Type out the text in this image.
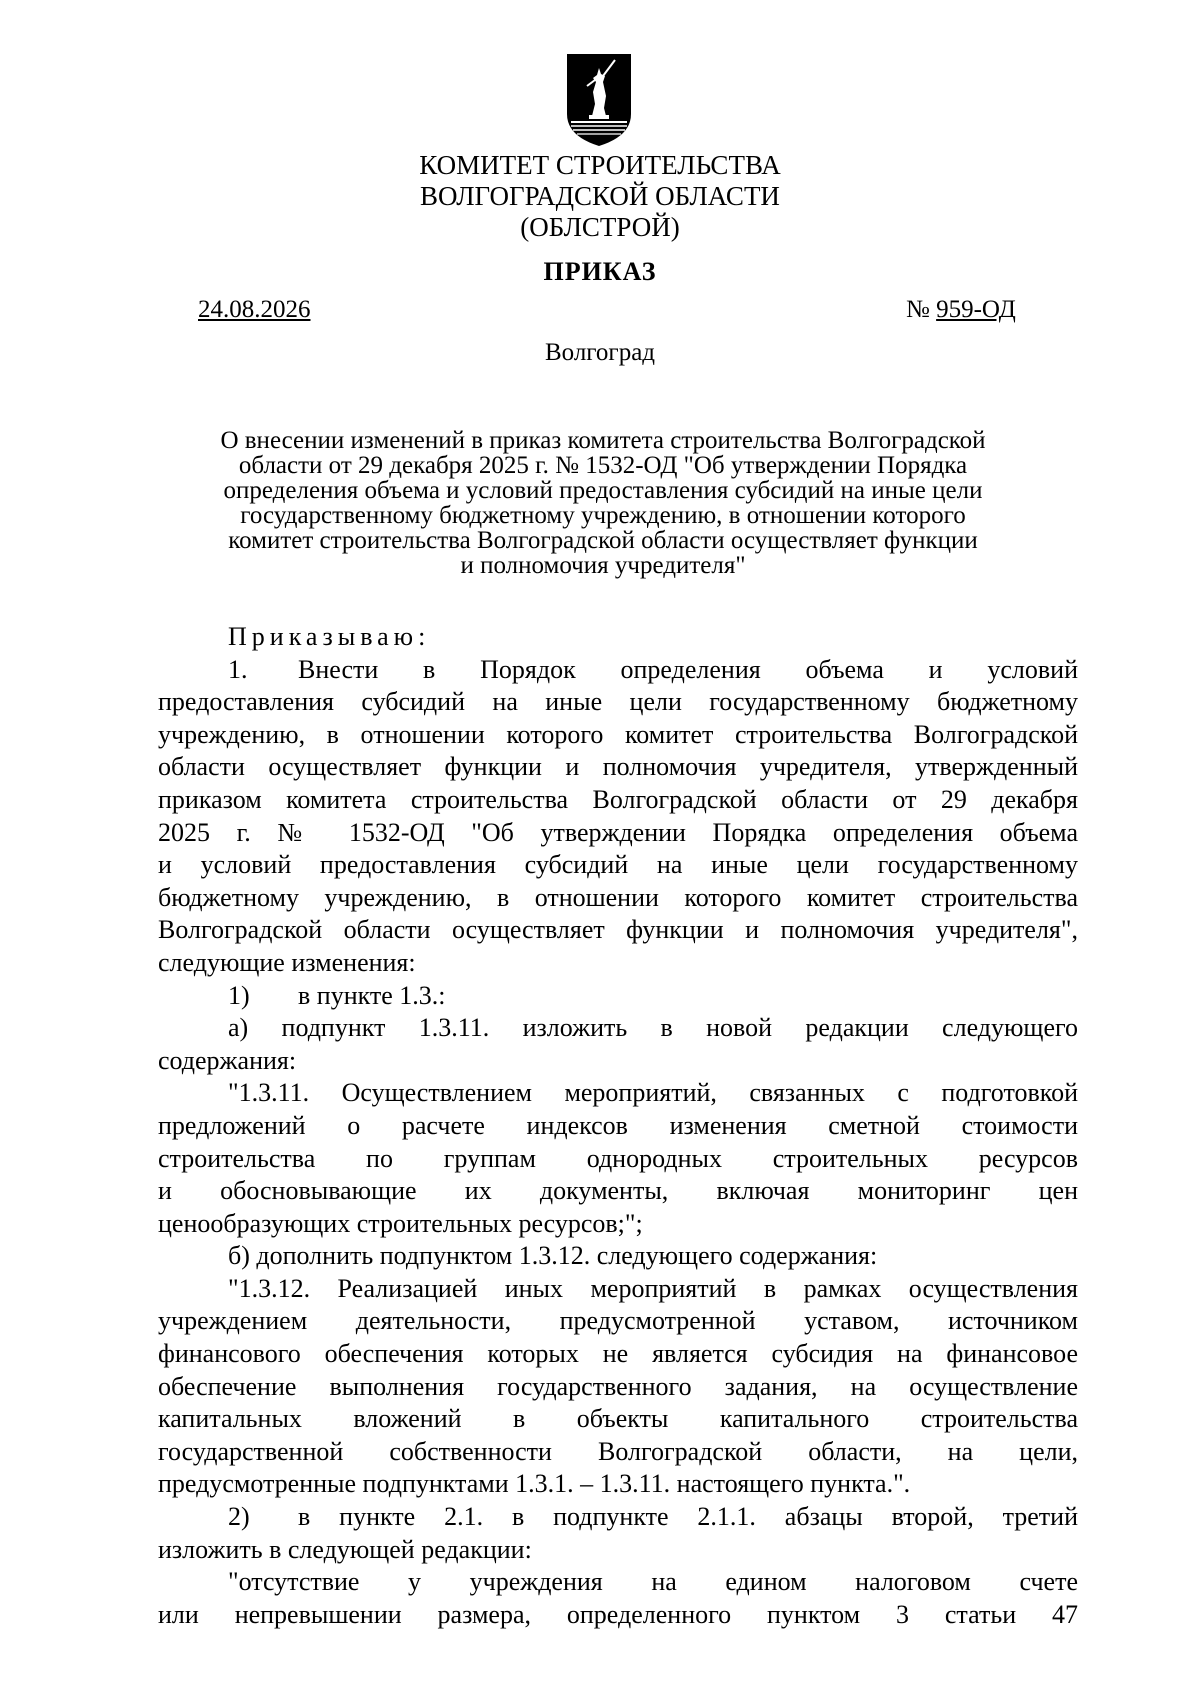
КОМИТЕТ СТРОИТЕЛЬСТВА
ВОЛГОГРАДСКОЙ ОБЛАСТИ
(ОБЛСТРОЙ)
ПРИКАЗ
24.08.2026	№ 959-ОД
Волгоград
О внесении изменений в приказ комитета строительства Волгоградской
области от 29 декабря 2025 г. № 1532-ОД "Об утверждении Порядка
определения объема и условий предоставления субсидий на иные цели
государственному бюджетному учреждению, в отношении которого
комитет строительства Волгоградской области осуществляет функции
и полномочия учредителя"
Приказываю:
1. Внести в Порядок определения объема и условий
предоставления субсидий на иные цели государственному бюджетному
учреждению, в отношении которого комитет строительства Волгоградской
области осуществляет функции и полномочия учредителя, утвержденный
приказом комитета строительства Волгоградской области от 29 декабря
2025 г. № 1532-ОД "Об утверждении Порядка определения объема
и условий предоставления субсидий на иные цели государственному
бюджетному учреждению, в отношении которого комитет строительства
Волгоградской области осуществляет функции и полномочия учредителя",
следующие изменения:
1) в пункте 1.3.:
а) подпункт 1.3.11. изложить в новой редакции следующего
содержания:
"1.3.11. Осуществлением мероприятий, связанных с подготовкой
предложений о расчете индексов изменения сметной стоимости
строительства по группам однородных строительных ресурсов
и обосновывающие их документы, включая мониторинг цен
ценообразующих строительных ресурсов;";
б) дополнить подпунктом 1.3.12. следующего содержания:
"1.3.12. Реализацией иных мероприятий в рамках осуществления
учреждением деятельности, предусмотренной уставом, источником
финансового обеспечения которых не является субсидия на финансовое
обеспечение выполнения государственного задания, на осуществление
капитальных вложений в объекты капитального строительства
государственной собственности Волгоградской области, на цели,
предусмотренные подпунктами 1.3.1. – 1.3.11. настоящего пункта.".
2) в пункте 2.1. в подпункте 2.1.1. абзацы второй, третий
изложить в следующей редакции:
"отсутствие у учреждения на едином налоговом счете
или непревышении размера, определенного пунктом 3 статьи 47
